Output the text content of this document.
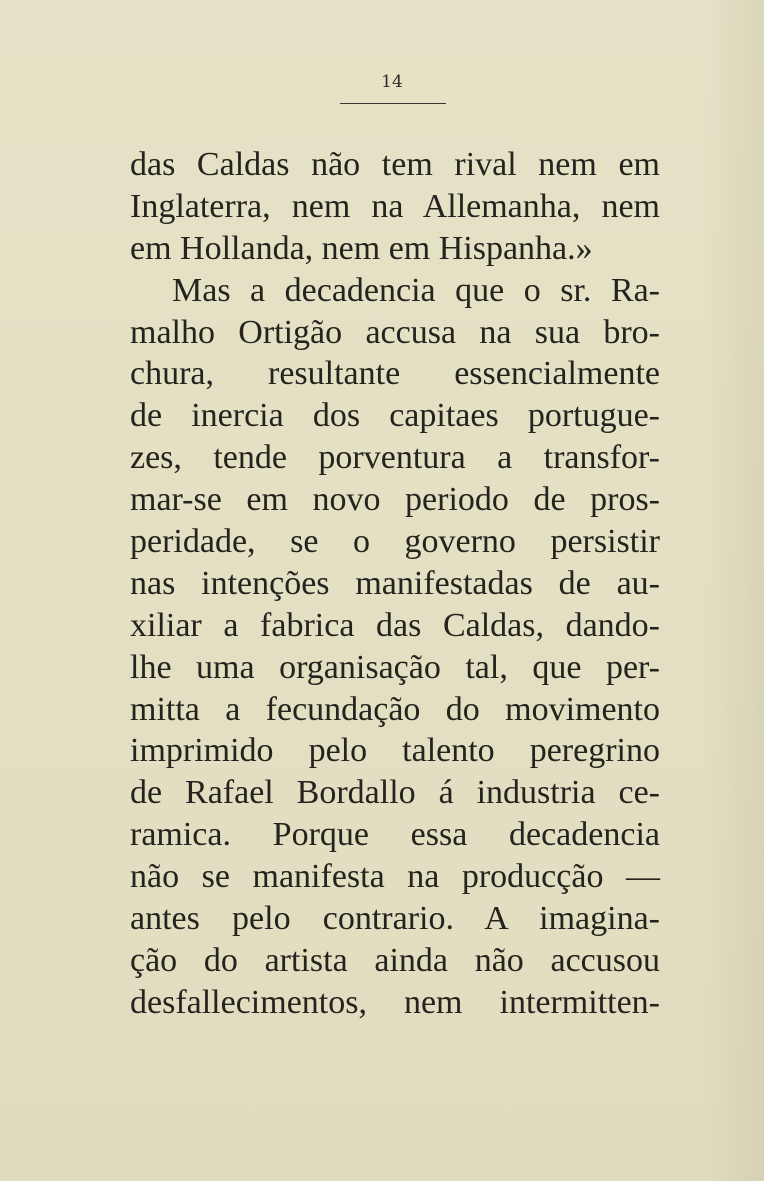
14
das Caldas não tem rival nem em
Inglaterra, nem na Allemanha, nem
em Hollanda, nem em Hispanha.»
Mas a decadencia que o sr. Ra-
malho Ortigão accusa na sua bro-
chura, resultante essencialmente
de inercia dos capitaes portugue-
zes, tende porventura a transfor-
mar-se em novo periodo de pros-
peridade, se o governo persistir
nas intenções manifestadas de au-
xiliar a fabrica das Caldas, dando-
lhe uma organisação tal, que per-
mitta a fecundação do movimento
imprimido pelo talento peregrino
de Rafael Bordallo á industria ce-
ramica. Porque essa decadencia
não se manifesta na producção —
antes pelo contrario. A imagina-
ção do artista ainda não accusou
desfallecimentos, nem intermitten-
